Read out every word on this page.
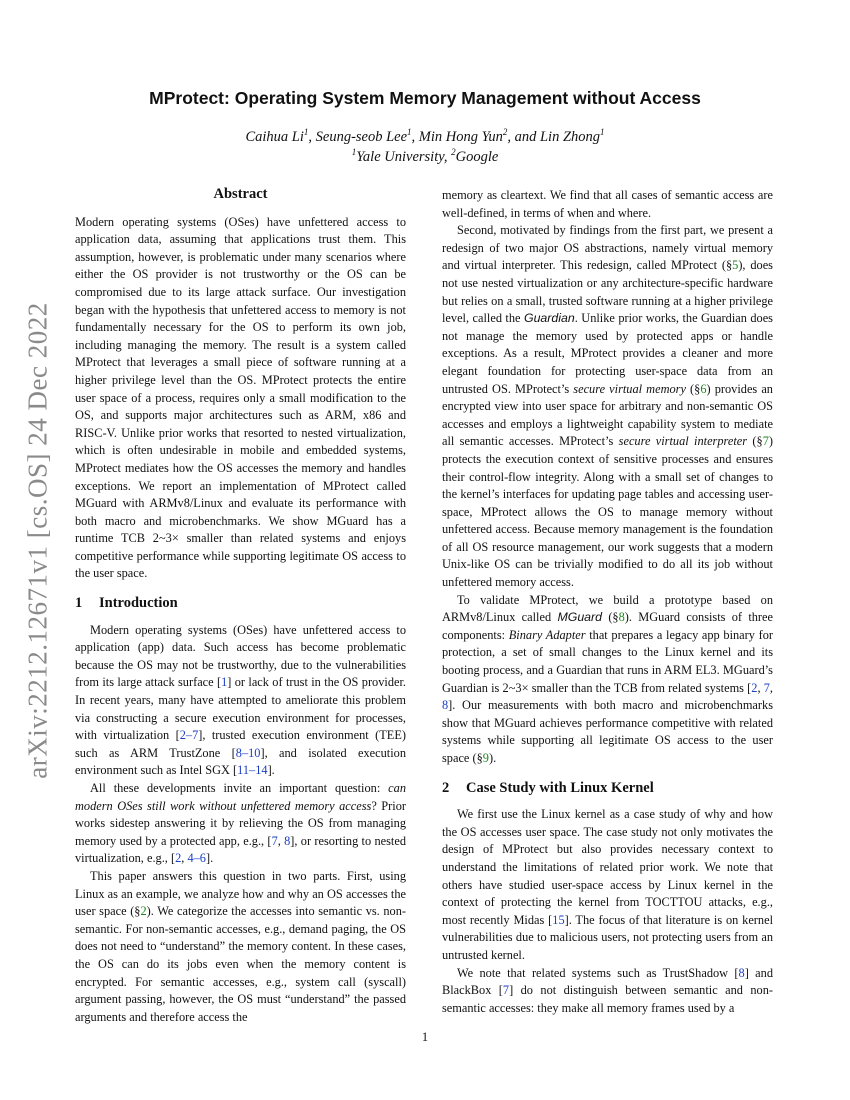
arXiv:2212.12671v1 [cs.OS] 24 Dec 2022
MProtect: Operating System Memory Management without Access
Caihua Li$^1$, Seung-seob Lee$^1$, Min Hong Yun$^2$, and Lin Zhong$^1$
$^1$Yale University, $^2$Google
Abstract

Modern operating systems (OSes) have unfettered access to application data, assuming that applications trust them. This assumption, however, is problematic under many scenarios where either the OS provider is not trustworthy or the OS can be compromised due to its large attack surface. Our investigation began with the hypothesis that unfettered access to memory is not fundamentally necessary for the OS to perform its own job, including managing the memory. The result is a system called MProtect that leverages a small piece of software running at a higher privilege level than the OS. MProtect protects the entire user space of a process, requires only a small modification to the OS, and supports major architectures such as ARM, x86 and RISC-V. Unlike prior works that resorted to nested virtualization, which is often undesirable in mobile and embedded systems, MProtect mediates how the OS accesses the memory and handles exceptions. We report an implementation of MProtect called MGuard with ARMv8/Linux and evaluate its performance with both macro and microbenchmarks. We show MGuard has a runtime TCB 2~3× smaller than related systems and enjoys competitive performance while supporting legitimate OS access to the user space.

1 Introduction

Modern operating systems (OSes) have unfettered access to application (app) data. Such access has become problematic because the OS may not be trustworthy, due to the vulnerabilities from its large attack surface [1] or lack of trust in the OS provider. In recent years, many have attempted to ameliorate this problem via constructing a secure execution environment for processes, with virtualization [2–7], trusted execution environment (TEE) such as ARM TrustZone [8–10], and isolated execution environment such as Intel SGX [11–14].

All these developments invite an important question: can modern OSes still work without unfettered memory access? Prior works sidestep answering it by relieving the OS from managing memory used by a protected app, e.g., [7, 8], or resorting to nested virtualization, e.g., [2, 4–6].

This paper answers this question in two parts. First, using Linux as an example, we analyze how and why an OS accesses the user space (§2). We categorize the accesses into semantic vs. non-semantic. For non-semantic accesses, e.g., demand paging, the OS does not need to “understand” the memory content. In these cases, the OS can do its jobs even when the memory content is encrypted. For semantic accesses, e.g., system call (syscall) argument passing, however, the OS must “understand” the passed arguments and therefore access the

memory as cleartext. We find that all cases of semantic access are well-defined, in terms of when and where.

Second, motivated by findings from the first part, we present a redesign of two major OS abstractions, namely virtual memory and virtual interpreter. This redesign, called MProtect (§5), does not use nested virtualization or any architecture-specific hardware but relies on a small, trusted software running at a higher privilege level, called the Guardian. Unlike prior works, the Guardian does not manage the memory used by protected apps or handle exceptions. As a result, MProtect provides a cleaner and more elegant foundation for protecting user-space data from an untrusted OS. MProtect’s secure virtual memory (§6) provides an encrypted view into user space for arbitrary and non-semantic OS accesses and employs a lightweight capability system to mediate all semantic accesses. MProtect’s secure virtual interpreter (§7) protects the execution context of sensitive processes and ensures their control-flow integrity. Along with a small set of changes to the kernel’s interfaces for updating page tables and accessing user-space, MProtect allows the OS to manage memory without unfettered access. Because memory management is the foundation of all OS resource management, our work suggests that a modern Unix-like OS can be trivially modified to do all its job without unfettered memory access.

To validate MProtect, we build a prototype based on ARMv8/Linux called MGuard (§8). MGuard consists of three components: Binary Adapter that prepares a legacy app binary for protection, a set of small changes to the Linux kernel and its booting process, and a Guardian that runs in ARM EL3. MGuard’s Guardian is 2~3× smaller than the TCB from related systems [2, 7, 8]. Our measurements with both macro and microbenchmarks show that MGuard achieves performance competitive with related systems while supporting all legitimate OS access to the user space (§9).

2 Case Study with Linux Kernel

We first use the Linux kernel as a case study of why and how the OS accesses user space. The case study not only motivates the design of MProtect but also provides necessary context to understand the limitations of related prior work. We note that others have studied user-space access by Linux kernel in the context of protecting the kernel from TOCTTOU attacks, e.g., most recently Midas [15]. The focus of that literature is on kernel vulnerabilities due to malicious users, not protecting users from an untrusted kernel.

We note that related systems such as TrustShadow [8] and BlackBox [7] do not distinguish between semantic and non-semantic accesses: they make all memory frames used by a

1
